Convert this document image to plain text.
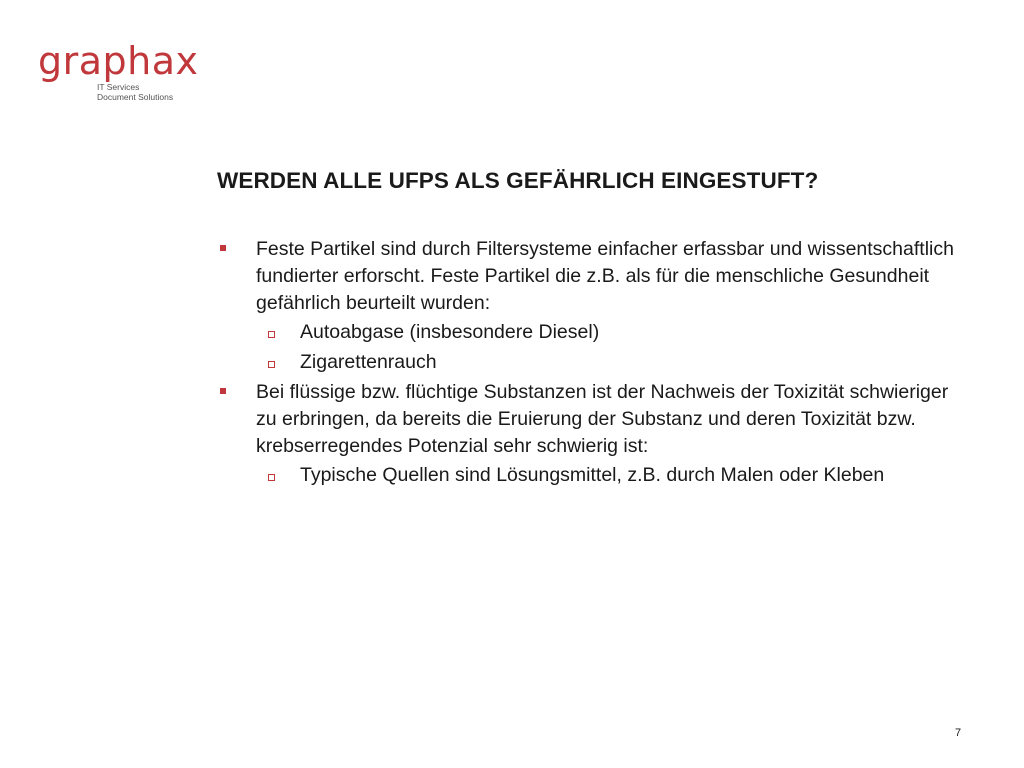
graphax
IT Services
Document Solutions
WERDEN ALLE UFPS ALS GEFÄHRLICH EINGESTUFT?
Feste Partikel sind durch Filtersysteme einfacher erfassbar und wissentschaftlich fundierter erforscht. Feste Partikel die z.B. als für die menschliche Gesundheit gefährlich beurteilt wurden:
Autoabgase (insbesondere Diesel)
Zigarettenrauch
Bei flüssige bzw. flüchtige Substanzen ist der Nachweis der Toxizität schwieriger zu erbringen, da bereits die Eruierung der Substanz und deren Toxizität bzw. krebserregendes Potenzial sehr schwierig ist:
Typische Quellen sind Lösungsmittel, z.B. durch Malen oder Kleben
7
